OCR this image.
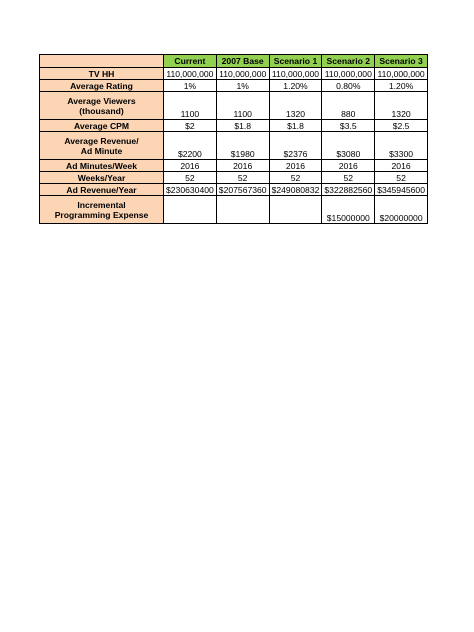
	Current	2007 Base	Scenario 1	Scenario 2	Scenario 3

TV HH	110,000,000	110,000,000	110,000,000	110,000,000	110,000,000

Average Rating	1%	1%	1.20%	0.80%	1.20%

Average Viewers
(thousand)	1100	1100	1320	880	1320

Average CPM	$2	$1.8	$1.8	$3.5	$2.5

Average Revenue/
Ad Minute	$2200	$1980	$2376	$3080	$3300

Ad Minutes/Week	2016	2016	2016	2016	2016

Weeks/Year	52	52	52	52	52

Ad Revenue/Year	$230630400	$207567360	$249080832	$322882560	$345945600

Incremental
Programming Expense				$15000000	$20000000
